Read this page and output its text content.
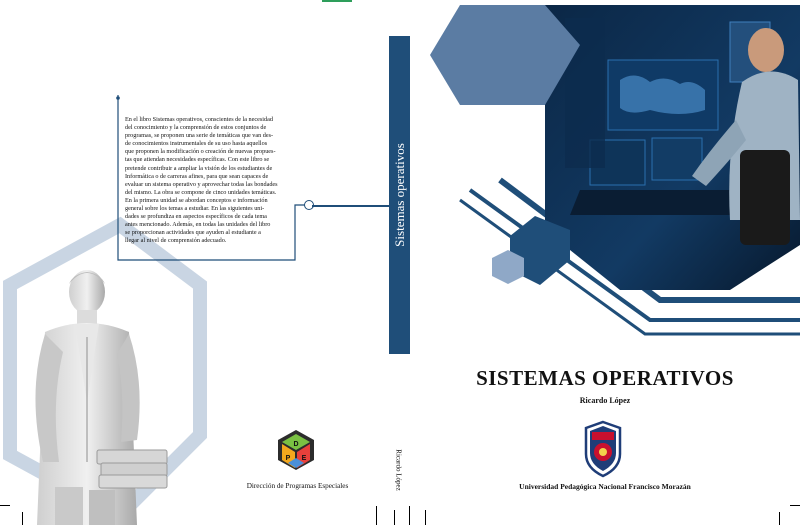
En el libro Sistemas operativos, conscientes de la necesidad
del conocimiento y la comprensión de estos conjuntos de
programas, se proponen una serie de temáticas que van des-
de conocimientos instrumentales de su uso hasta aquellos
que proponen la modificación o creación de nuevas propues-
tas que atiendan necesidades específicas. Con este libro se
pretende contribuir a ampliar la visión de los estudiantes de
Informática o de carreras afines, para que sean capaces de
evaluar un sistema operativo y aprovechar todas las bondades
del mismo. La obra se compone de cinco unidades temáticas.
En la primera unidad se abordan conceptos e información
general sobre los temas a estudiar. En las siguientes uni-
dades se profundiza en aspectos específicos de cada tema
antes mencionado. Además, en todas las unidades del libro
se proporcionan actividades que ayuden al estudiante a
llegar al nivel de comprensión adecuado.
D
P E
Dirección de Programas Especiales
Sistemas operativos
Ricardo López
SISTEMAS OPERATIVOS
Ricardo López
Universidad Pedagógica Nacional Francisco Morazán
